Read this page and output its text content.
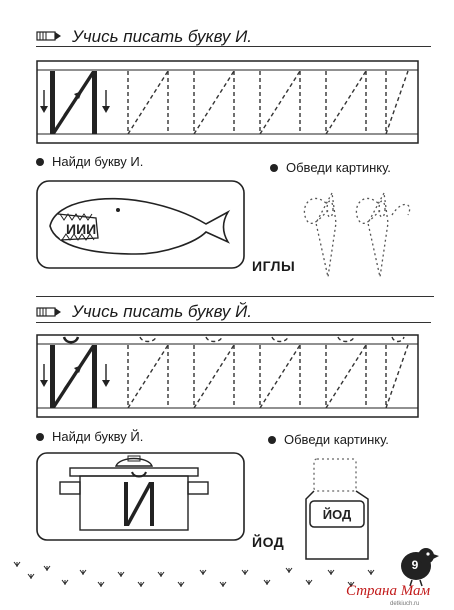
Учись писать букву И.
Найди букву И.	Обведи картинку.
ИИИ
ИГЛЫ
Учись писать букву Й.
Найди букву Й.	Обведи картинку.
ЙОД
ЙОД
9
Страна Мам
detkiuch.ru
